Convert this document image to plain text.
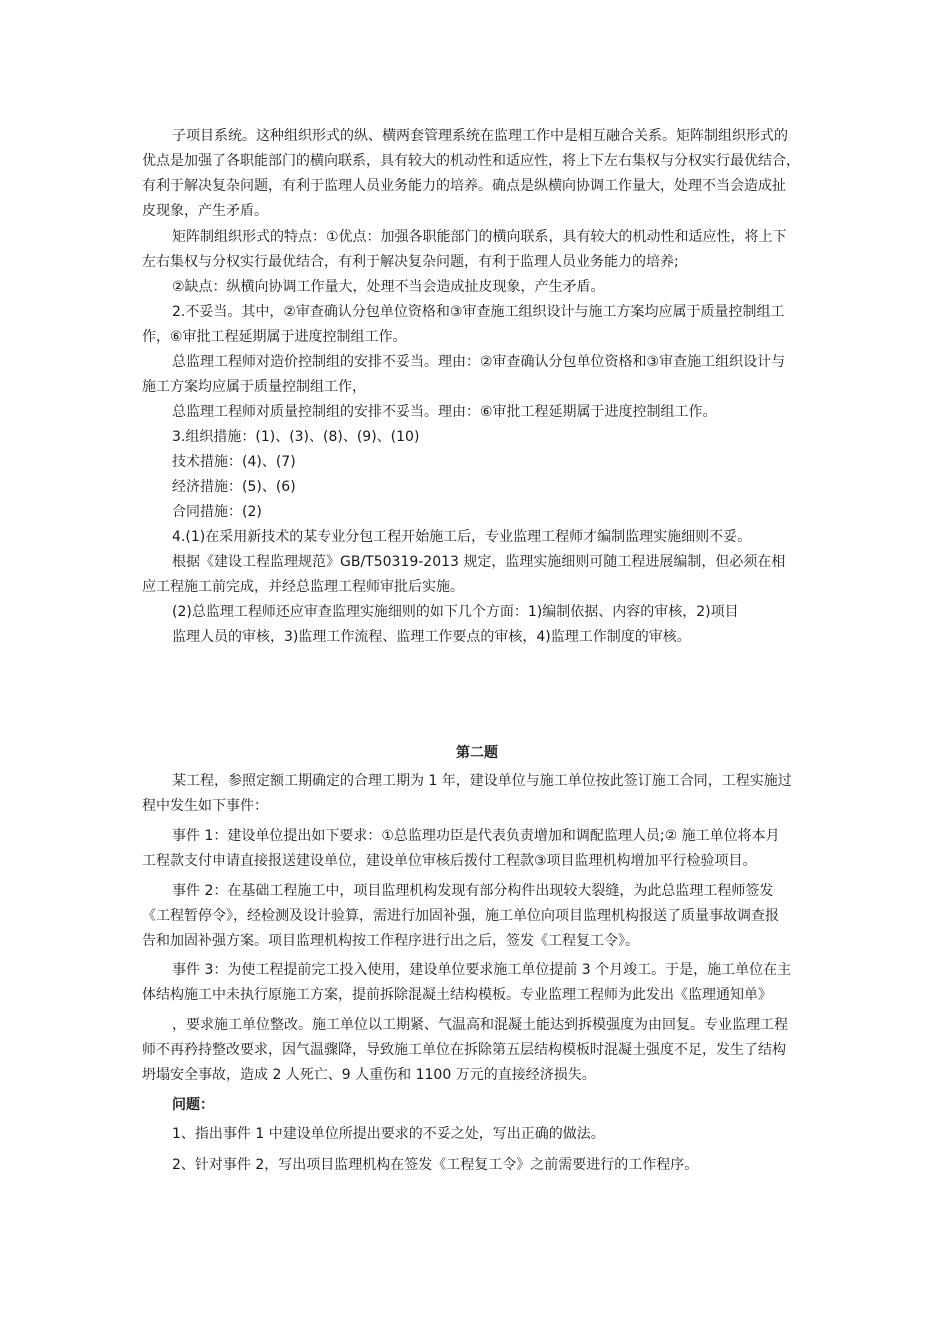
子项目系统。这种组织形式的纵、横两套管理系统在监理工作中是相互融合关系。矩阵制组织形式的
优点是加强了各职能部门的横向联系，具有较大的机动性和适应性，将上下左右集权与分权实行最优结合，
有利于解决复杂问题，有利于监理人员业务能力的培养。确点是纵横向协调工作量大，处理不当会造成扯
皮现象，产生矛盾。
矩阵制组织形式的特点：①优点：加强各职能部门的横向联系，具有较大的机动性和适应性，将上下
左右集权与分权实行最优结合，有利于解决复杂问题，有利于监理人员业务能力的培养;
②缺点：纵横向协调工作量大，处理不当会造成扯皮现象，产生矛盾。
2.不妥当。其中，②审查确认分包单位资格和③审查施工组织设计与施工方案均应属于质量控制组工
作，⑥审批工程延期属于进度控制组工作。
总监理工程师对造价控制组的安排不妥当。理由：②审查确认分包单位资格和③审查施工组织设计与
施工方案均应属于质量控制组工作，
总监理工程师对质量控制组的安排不妥当。理由：⑥审批工程延期属于进度控制组工作。
3.组织措施：(1)、(3)、(8)、(9)、(10)
技术措施：(4)、(7)
经济措施：(5)、(6)
合同措施：(2)
4.(1)在采用新技术的某专业分包工程开始施工后，专业监理工程师才编制监理实施细则不妥。
根据《建设工程监理规范》GB/T50319-2013 规定，监理实施细则可随工程进展编制，但必须在相
应工程施工前完成，并经总监理工程师审批后实施。
(2)总监理工程师还应审查监理实施细则的如下几个方面：1)编制依据、内容的审核，2)项目
监理人员的审核，3)监理工作流程、监理工作要点的审核，4)监理工作制度的审核。
第二题
某工程，参照定额工期确定的合理工期为 1 年，建设单位与施工单位按此签订施工合同，工程实施过
程中发生如下事件：
事件 1：建设单位提出如下要求：①总监理功臣是代表负责增加和调配监理人员;② 施工单位将本月
工程款支付申请直接报送建设单位，建设单位审核后拨付工程款③项目监理机构增加平行检验项目。
事件 2：在基础工程施工中，项目监理机构发现有部分构件出现较大裂缝，为此总监理工程师签发
《工程暂停令》，经检测及设计验算，需进行加固补强，施工单位向项目监理机构报送了质量事故调查报
告和加固补强方案。项目监理机构按工作程序进行出之后，签发《工程复工令》。
事件 3：为使工程提前完工投入使用，建设单位要求施工单位提前 3 个月竣工。于是，施工单位在主
体结构施工中未执行原施工方案，提前拆除混凝土结构模板。专业监理工程师为此发出《监理通知单》
，要求施工单位整改。施工单位以工期紧、气温高和混凝土能达到拆模强度为由回复。专业监理工程
师不再矜持整改要求，因气温骤降，导致施工单位在拆除第五层结构模板时混凝土强度不足，发生了结构
坍塌安全事故，造成 2 人死亡、9 人重伤和 1100 万元的直接经济损失。
问题：
1、指出事件 1 中建设单位所提出要求的不妥之处，写出正确的做法。
2、针对事件 2，写出项目监理机构在签发《工程复工令》之前需要进行的工作程序。
